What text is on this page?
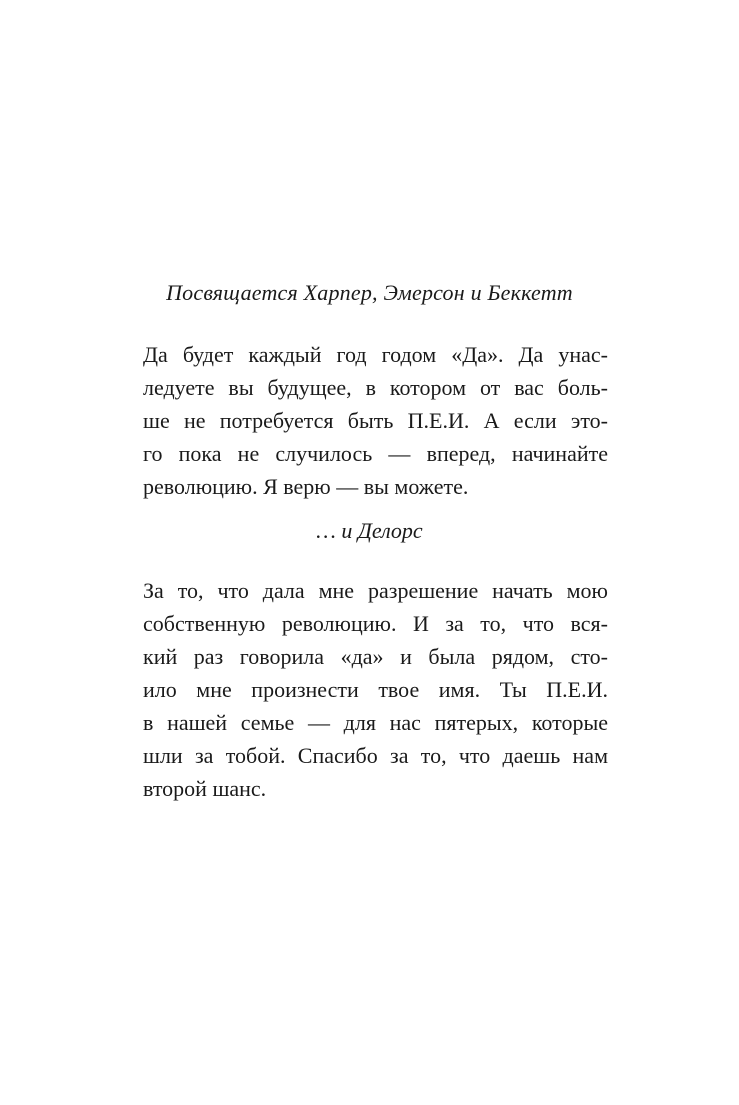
Посвящается Харпер, Эмерсон и Беккетт
Да будет каждый год годом «Да». Да унас-
ледуете вы будущее, в котором от вас боль-
ше не потребуется быть П.Е.И. А если это-
го пока не случилось — вперед, начинайте
революцию. Я верю — вы можете.
… и Делорс
За то, что дала мне разрешение начать мою
собственную революцию. И за то, что вся-
кий раз говорила «да» и была рядом, сто-
ило мне произнести твое имя. Ты П.Е.И.
в нашей семье — для нас пятерых, которые
шли за тобой. Спасибо за то, что даешь нам
второй шанс.
